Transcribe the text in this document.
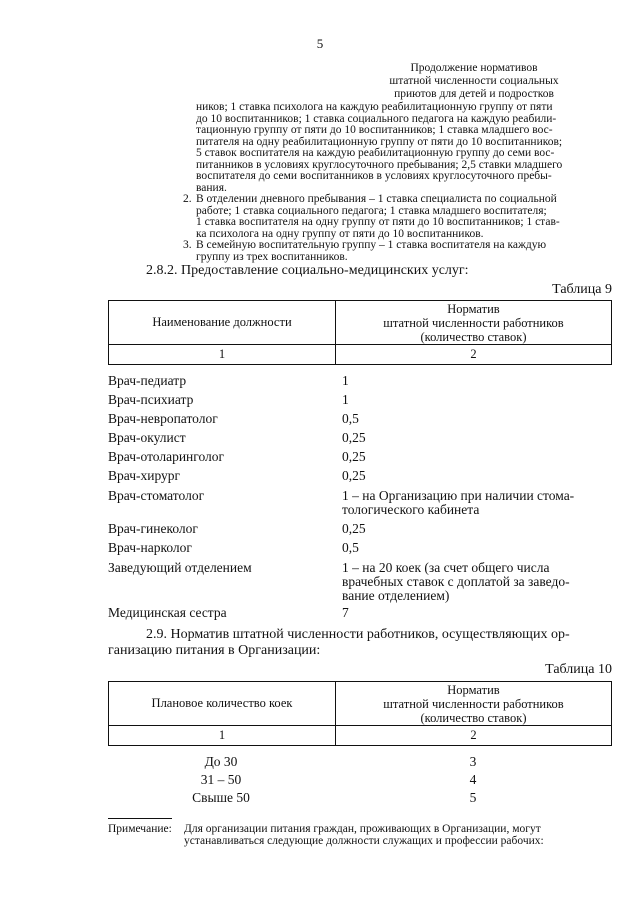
5
Продолжение нормативов
штатной численности социальных
приютов для детей и подростков
ников; 1 ставка психолога на каждую реабилитационную группу от пяти
до 10 воспитанников; 1 ставка социального педагога на каждую реабили-
тационную группу от пяти до 10 воспитанников; 1 ставка младшего вос-
питателя на одну реабилитационную группу от пяти до 10 воспитанников;
5 ставок воспитателя на каждую реабилитационную группу до семи вос-
питанников в условиях круглосуточного пребывания; 2,5 ставки младшего
воспитателя до семи воспитанников в условиях круглосуточного пребы-
вания.
2. В отделении дневного пребывания – 1 ставка специалиста по социальной
работе; 1 ставка социального педагога; 1 ставка младшего воспитателя;
1 ставка воспитателя на одну группу от пяти до 10 воспитанников; 1 став-
ка психолога на одну группу от пяти до 10 воспитанников.
3. В семейную воспитательную группу – 1 ставка воспитателя на каждую
группу из трех воспитанников.
2.8.2. Предоставление социально-медицинских услуг:
Таблица 9
Наименование должности	Норматив
штатной численности работников
(количество ставок)

1	2
Врач-педиатр	1
Врач-психиатр	1
Врач-невропатолог	0,5
Врач-окулист	0,25
Врач-отоларинголог	0,25
Врач-хирург	0,25
Врач-стоматолог	1 – на Организацию при наличии стома-
тологического кабинета
Врач-гинеколог	0,25
Врач-нарколог	0,5
Заведующий отделением	1 – на 20 коек (за счет общего числа
врачебных ставок с доплатой за заведо-
вание отделением)
Медицинская сестра	7
2.9. Норматив штатной численности работников, осуществляющих ор-
ганизацию питания в Организации:
Таблица 10
Плановое количество коек	Норматив
штатной численности работников
(количество ставок)

1	2
До 30	3
31 – 50	4
Свыше 50	5
Примечание: Для организации питания граждан, проживающих в Организации, могут
устанавливаться следующие должности служащих и профессии рабочих:
